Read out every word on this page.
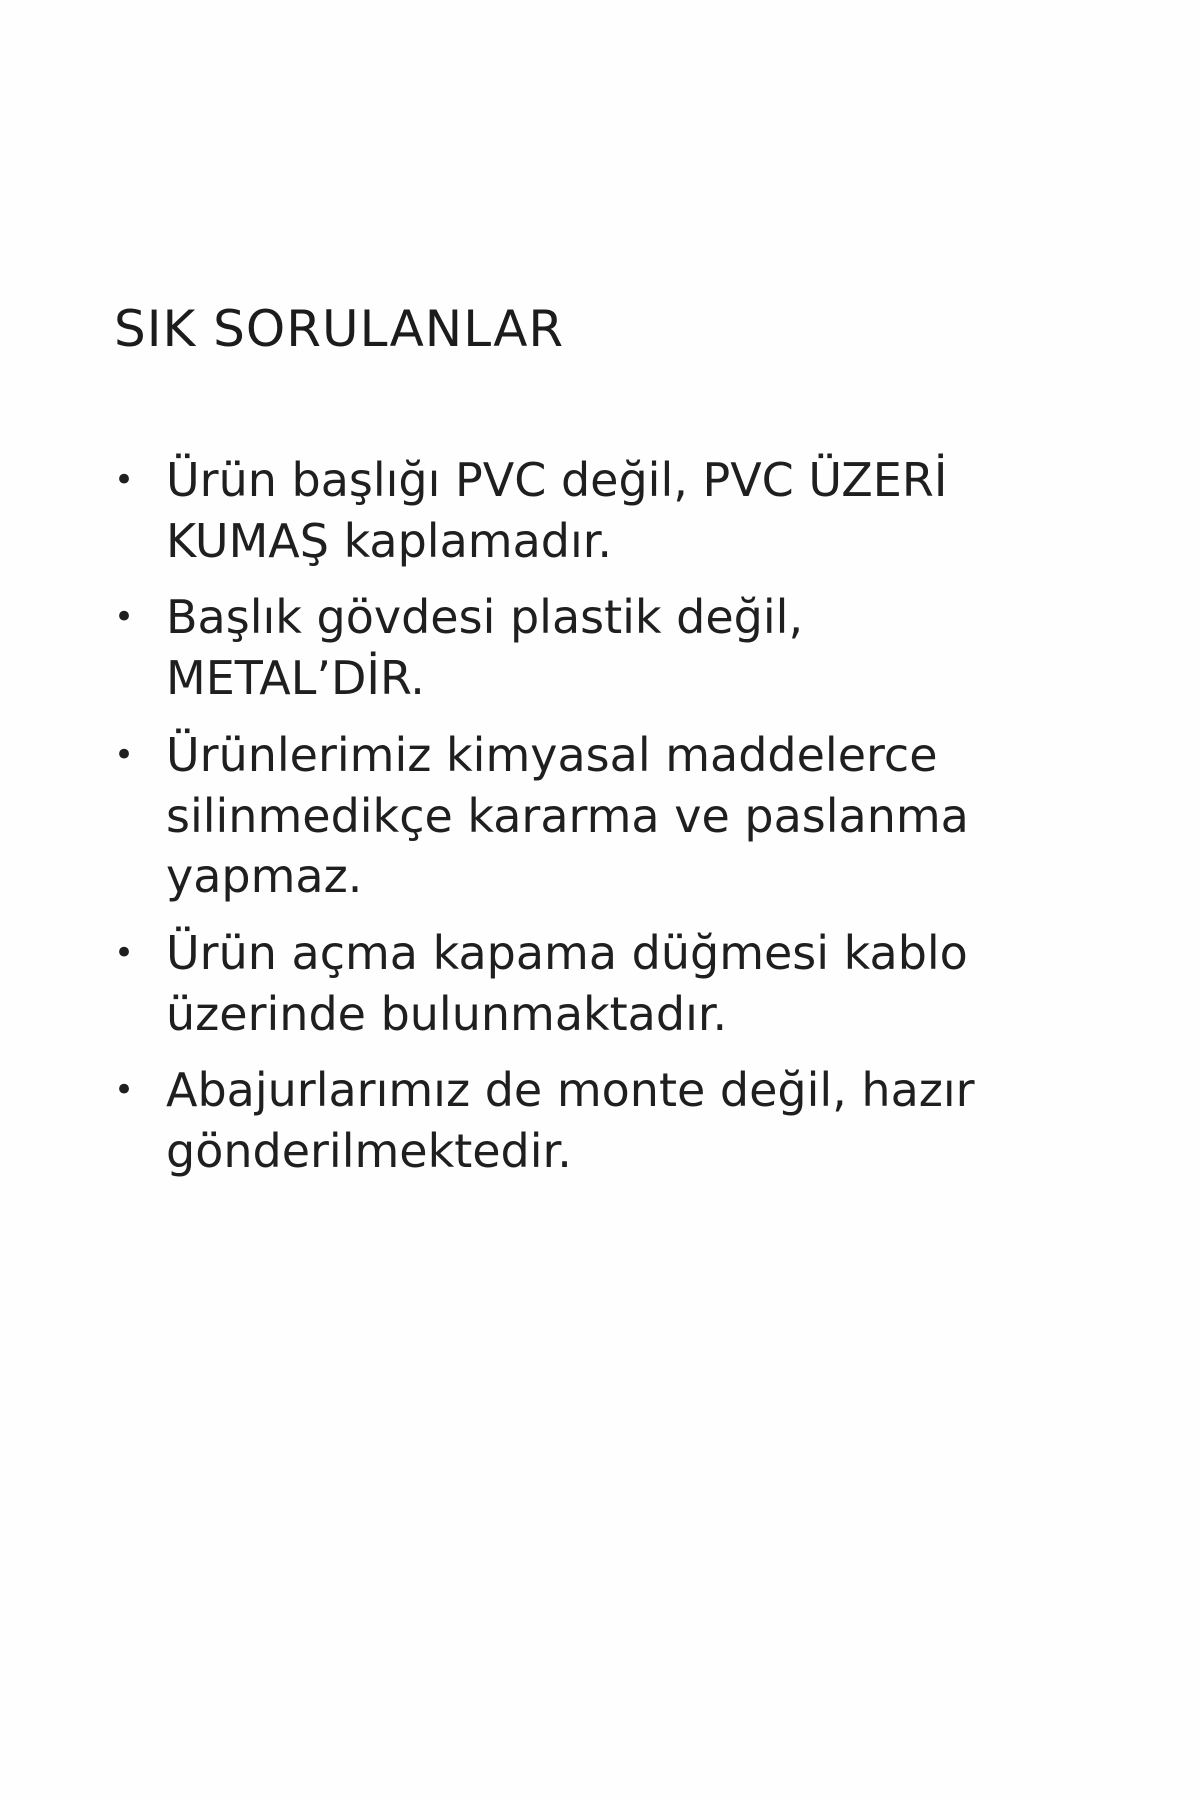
SIK SORULANLAR
• Ürün başlığı PVC değil, PVC ÜZERİ KUMAŞ kaplamadır.
• Başlık gövdesi plastik değil, METAL’DİR.
• Ürünlerimiz kimyasal maddelerce silinmedikçe kararma ve paslanma yapmaz.
• Ürün açma kapama düğmesi kablo üzerinde bulunmaktadır.
• Abajurlarımız de monte değil, hazır gönderilmektedir.
